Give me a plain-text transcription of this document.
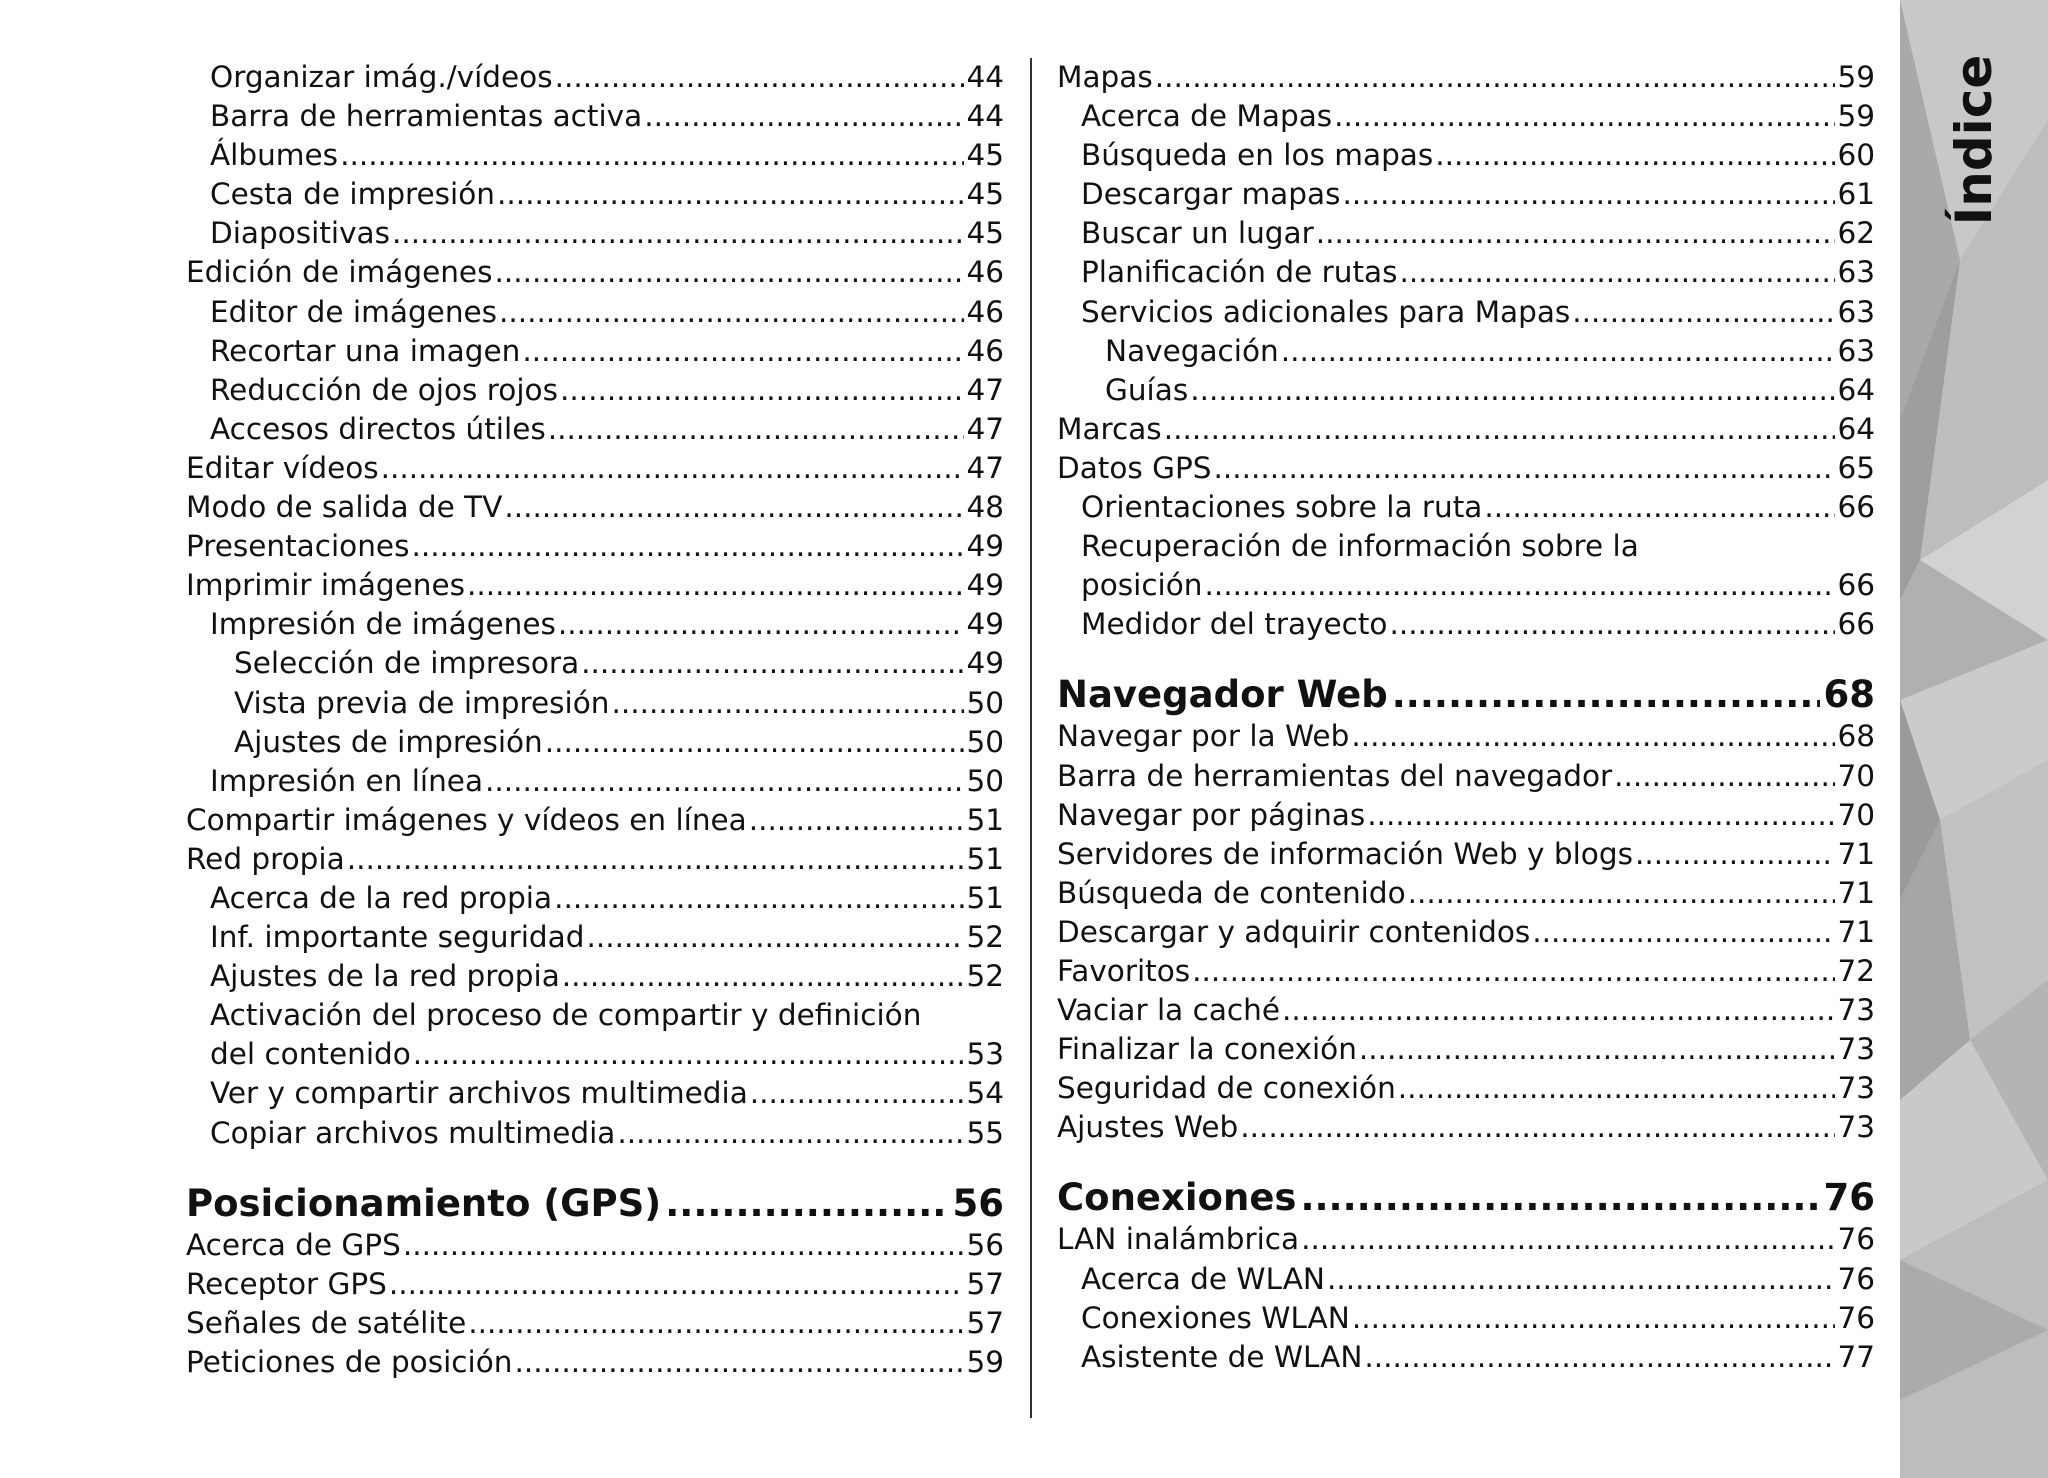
Organizar imág./vídeos .....	44
Barra de herramientas activa .....	44
Álbumes .....	45
Cesta de impresión .....	45
Diapositivas .....	45
Edición de imágenes .....	46
Editor de imágenes .....	46
Recortar una imagen .....	46
Reducción de ojos rojos .....	47
Accesos directos útiles .....	47
Editar vídeos .....	47
Modo de salida de TV .....	48
Presentaciones .....	49
Imprimir imágenes .....	49
Impresión de imágenes .....	49
Selección de impresora .....	49
Vista previa de impresión .....	50
Ajustes de impresión .....	50
Impresión en línea .....	50
Compartir imágenes y vídeos en línea .....	51
Red propia .....	51
Acerca de la red propia .....	51
Inf. importante seguridad .....	52
Ajustes de la red propia .....	52
Activación del proceso de compartir y definición
del contenido .....	53
Ver y compartir archivos multimedia .....	54
Copiar archivos multimedia .....	55
Posicionamiento (GPS) .....	56
Acerca de GPS .....	56
Receptor GPS .....	57
Señales de satélite .....	57
Peticiones de posición .....	59
Mapas .....	59
Acerca de Mapas .....	59
Búsqueda en los mapas .....	60
Descargar mapas .....	61
Buscar un lugar .....	62
Planificación de rutas .....	63
Servicios adicionales para Mapas .....	63
Navegación .....	63
Guías .....	64
Marcas .....	64
Datos GPS .....	65
Orientaciones sobre la ruta .....	66
Recuperación de información sobre la
posición .....	66
Medidor del trayecto .....	66
Navegador Web .....	68
Navegar por la Web .....	68
Barra de herramientas del navegador .....	70
Navegar por páginas .....	70
Servidores de información Web y blogs .....	71
Búsqueda de contenido .....	71
Descargar y adquirir contenidos .....	71
Favoritos .....	72
Vaciar la caché .....	73
Finalizar la conexión .....	73
Seguridad de conexión .....	73
Ajustes Web .....	73
Conexiones .....	76
LAN inalámbrica .....	76
Acerca de WLAN .....	76
Conexiones WLAN .....	76
Asistente de WLAN .....	77
Índice
